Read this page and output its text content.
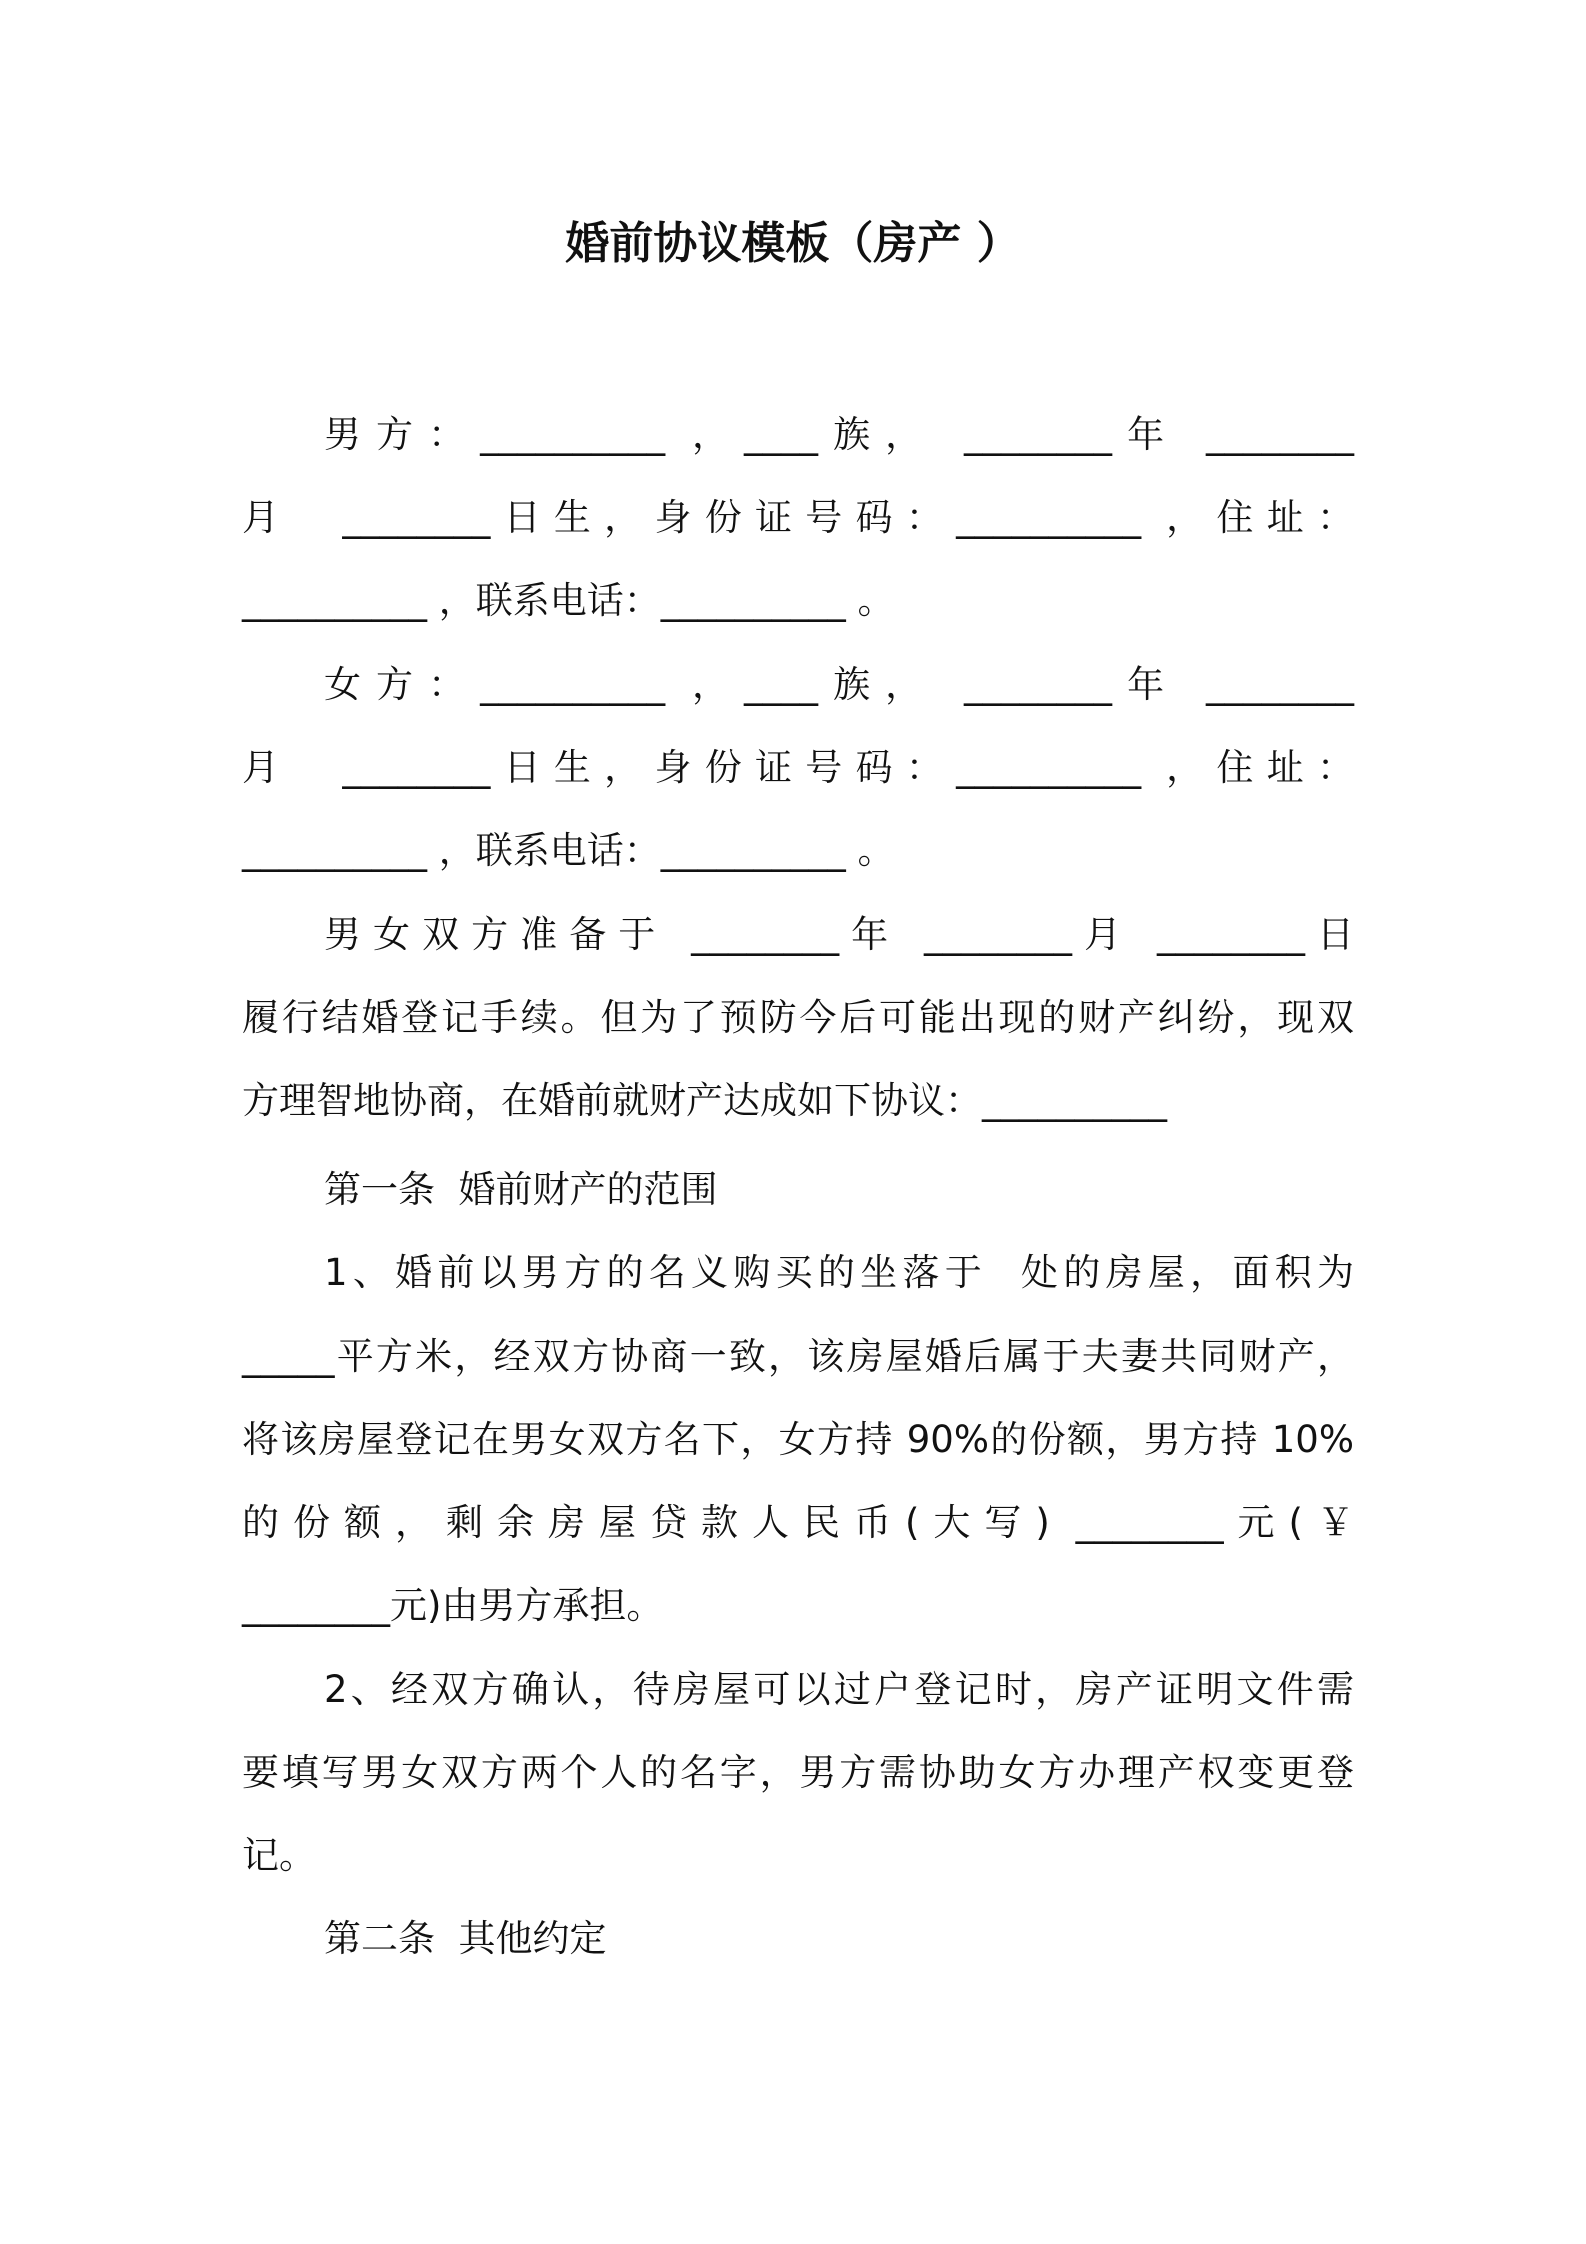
婚前协议模板（房产 ）
男方：__________ ，____族， ________年 ________
月  ________日生，身份证号码：__________ ，住址：
__________ ，联系电话：__________ 。
女方：__________ ，____族， ________年 ________
月  ________日生，身份证号码：__________ ，住址：
__________ ，联系电话：__________ 。
男女双方准备于 ________年 ________月 ________日
履行结婚登记手续。但为了预防今后可能出现的财产纠纷，现双
方理智地协商，在婚前就财产达成如下协议：__________
第一条  婚前财产的范围
1、婚前以男方的名义购买的坐落于  处的房屋，面积为
_____平方米，经双方协商一致，该房屋婚后属于夫妻共同财产，
将该房屋登记在男女双方名下，女方持 90%的份额，男方持 10%
的份额，剩余房屋贷款人民币(大写) ________元(￥
________元)由男方承担。
2、经双方确认，待房屋可以过户登记时，房产证明文件需
要填写男女双方两个人的名字，男方需协助女方办理产权变更登
记。
第二条  其他约定
